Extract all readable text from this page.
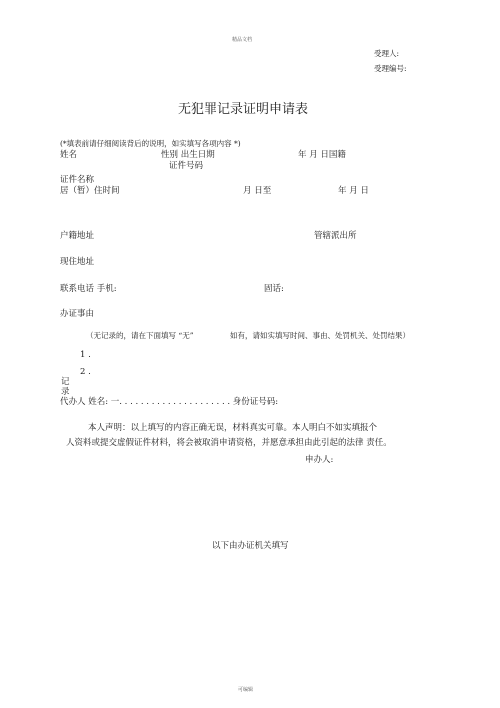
精品文档
受理人:
受理编号:
无犯罪记录证明申请表
(*填表前请仔细阅读背后的说明，如实填写各项内容 *)
姓名	性别 出生日期	年 月 日国籍
证件号码
证件名称
居（暂）住时间	月 日至	年 月 日
户籍地址	管辖派出所
现住地址
联系电话 手机:	固话:
办证事由
（无记录的，请在下面填写 “无”	如有，请如实填写时间、事由、处罚机关、处罚结果）
1 .
2 .
记
录
代办人 姓名: 一. . . . . . . . . . . . . . . . . . . . . 身份证号码:
本人声明：以上填写的内容正确无误，材料真实可靠。本人明白不如实填报个
人资料或提交虚假证件材料，将会被取消申请资格，并愿意承担由此引起的法律 责任。
申办人:
以下由办证机关填写
可编辑
